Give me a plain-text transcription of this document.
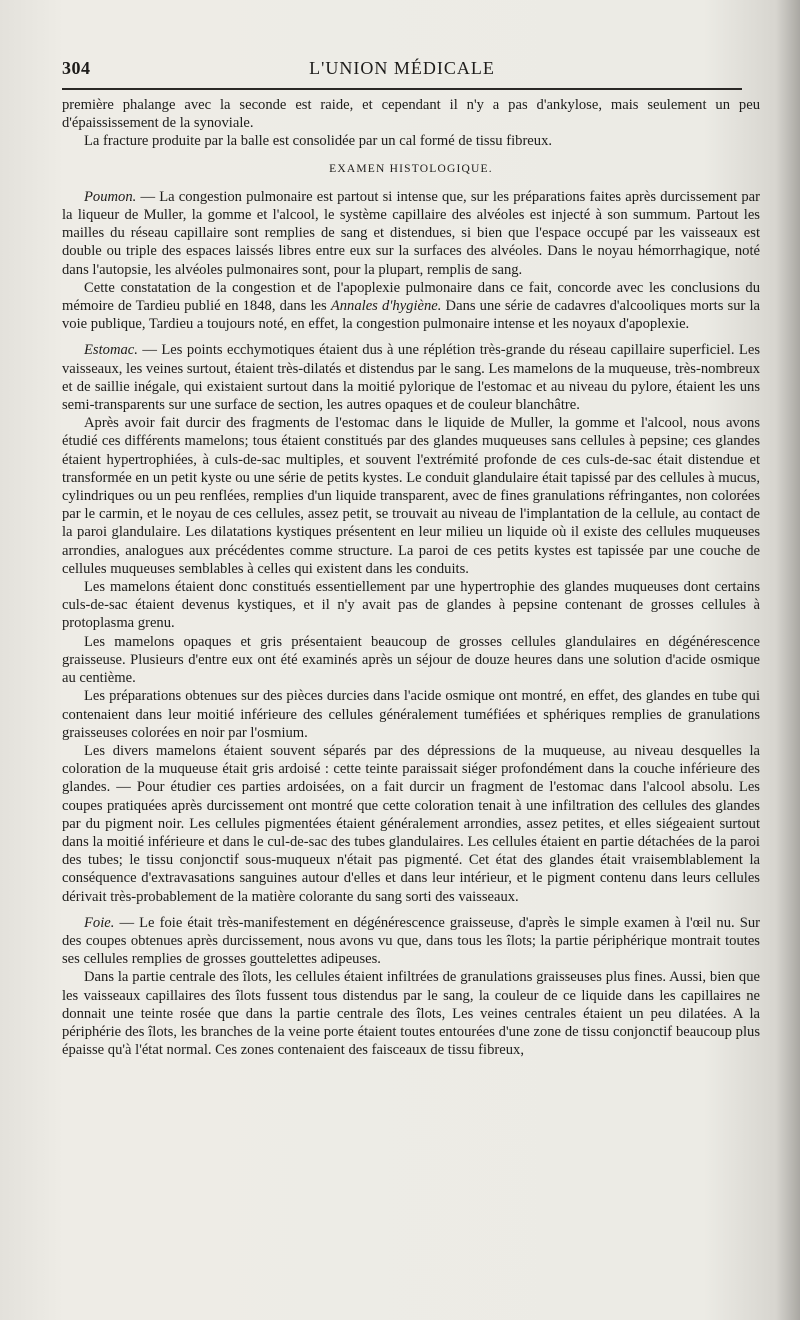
304	L'UNION MÉDICALE

première phalange avec la seconde est raide, et cependant il n'y a pas d'ankylose, mais seulement un peu d'épaississement de la synoviale.

La fracture produite par la balle est consolidée par un cal formé de tissu fibreux.

EXAMEN HISTOLOGIQUE.

Poumon. — La congestion pulmonaire est partout si intense que, sur les préparations faites après durcissement par la liqueur de Muller, la gomme et l'alcool, le système capillaire des alvéoles est injecté à son summum. Partout les mailles du réseau capillaire sont remplies de sang et distendues, si bien que l'espace occupé par les vaisseaux est double ou triple des espaces laissés libres entre eux sur la surfaces des alvéoles. Dans le noyau hémorrhagique, noté dans l'autopsie, les alvéoles pulmonaires sont, pour la plupart, remplis de sang.

Cette constatation de la congestion et de l'apoplexie pulmonaire dans ce fait, concorde avec les conclusions du mémoire de Tardieu publié en 1848, dans les Annales d'hygiène. Dans une série de cadavres d'alcooliques morts sur la voie publique, Tardieu a toujours noté, en effet, la congestion pulmonaire intense et les noyaux d'apoplexie.

Estomac. — Les points ecchymotiques étaient dus à une réplétion très-grande du réseau capillaire superficiel. Les vaisseaux, les veines surtout, étaient très-dilatés et distendus par le sang. Les mamelons de la muqueuse, très-nombreux et de saillie inégale, qui existaient surtout dans la moitié pylorique de l'estomac et au niveau du pylore, étaient les uns semi-transparents sur une surface de section, les autres opaques et de couleur blanchâtre.

Après avoir fait durcir des fragments de l'estomac dans le liquide de Muller, la gomme et l'alcool, nous avons étudié ces différents mamelons; tous étaient constitués par des glandes muqueuses sans cellules à pepsine; ces glandes étaient hypertrophiées, à culs-de-sac multiples, et souvent l'extrémité profonde de ces culs-de-sac était distendue et transformée en un petit kyste ou une série de petits kystes. Le conduit glandulaire était tapissé par des cellules à mucus, cylindriques ou un peu renflées, remplies d'un liquide transparent, avec de fines granulations réfringantes, non colorées par le carmin, et le noyau de ces cellules, assez petit, se trouvait au niveau de l'implantation de la cellule, au contact de la paroi glandulaire. Les dilatations kystiques présentent en leur milieu un liquide où il existe des cellules muqueuses arrondies, analogues aux précédentes comme structure. La paroi de ces petits kystes est tapissée par une couche de cellules muqueuses semblables à celles qui existent dans les conduits.

Les mamelons étaient donc constitués essentiellement par une hypertrophie des glandes muqueuses dont certains culs-de-sac étaient devenus kystiques, et il n'y avait pas de glandes à pepsine contenant de grosses cellules à protoplasma grenu.

Les mamelons opaques et gris présentaient beaucoup de grosses cellules glandulaires en dégénérescence graisseuse. Plusieurs d'entre eux ont été examinés après un séjour de douze heures dans une solution d'acide osmique au centième.

Les préparations obtenues sur des pièces durcies dans l'acide osmique ont montré, en effet, des glandes en tube qui contenaient dans leur moitié inférieure des cellules généralement tuméfiées et sphériques remplies de granulations graisseuses colorées en noir par l'osmium.

Les divers mamelons étaient souvent séparés par des dépressions de la muqueuse, au niveau desquelles la coloration de la muqueuse était gris ardoisé : cette teinte paraissait siéger profondément dans la couche inférieure des glandes. — Pour étudier ces parties ardoisées, on a fait durcir un fragment de l'estomac dans l'alcool absolu. Les coupes pratiquées après durcissement ont montré que cette coloration tenait à une infiltration des cellules des glandes par du pigment noir. Les cellules pigmentées étaient généralement arrondies, assez petites, et elles siégeaient surtout dans la moitié inférieure et dans le cul-de-sac des tubes glandulaires. Les cellules étaient en partie détachées de la paroi des tubes; le tissu conjonctif sous-muqueux n'était pas pigmenté. Cet état des glandes était vraisemblablement la conséquence d'extravasations sanguines autour d'elles et dans leur intérieur, et le pigment contenu dans leurs cellules dérivait très-probablement de la matière colorante du sang sorti des vaisseaux.

Foie. — Le foie était très-manifestement en dégénérescence graisseuse, d'après le simple examen à l'œil nu. Sur des coupes obtenues après durcissement, nous avons vu que, dans tous les îlots; la partie périphérique montrait toutes ses cellules remplies de grosses gouttelettes adipeuses.

Dans la partie centrale des îlots, les cellules étaient infiltrées de granulations graisseuses plus fines. Aussi, bien que les vaisseaux capillaires des îlots fussent tous distendus par le sang, la couleur de ce liquide dans les capillaires ne donnait une teinte rosée que dans la partie centrale des îlots, Les veines centrales étaient un peu dilatées. A la périphérie des îlots, les branches de la veine porte étaient toutes entourées d'une zone de tissu conjonctif beaucoup plus épaisse qu'à l'état normal. Ces zones contenaient des faisceaux de tissu fibreux,
